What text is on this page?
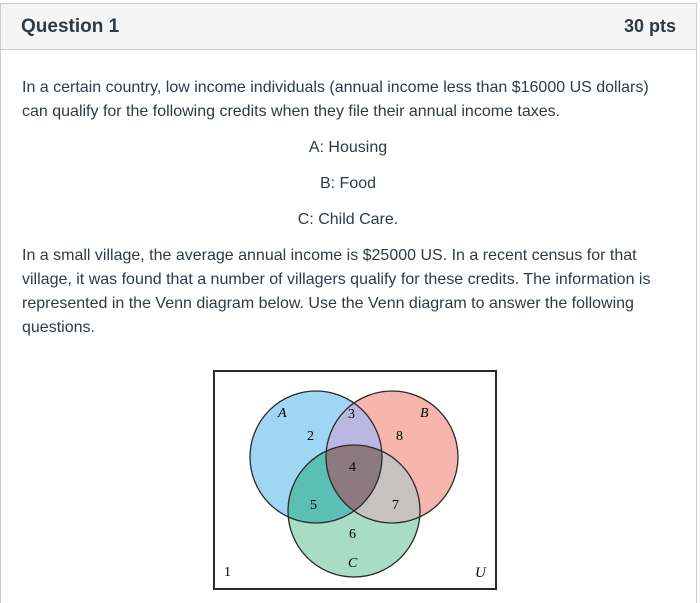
Question 1	30 pts

In a certain country, low income individuals (annual income less than $16000 US dollars) can qualify for the following credits when they file their annual income taxes.

A: Housing

B: Food

C: Child Care.

In a small village, the average annual income is $25000 US. In a recent census for that village, it was found that a number of villagers qualify for these credits. The information is represented in the Venn diagram below. Use the Venn diagram to answer the following questions.

A	B
C
U
2
3
8
4
5	7
6
1
